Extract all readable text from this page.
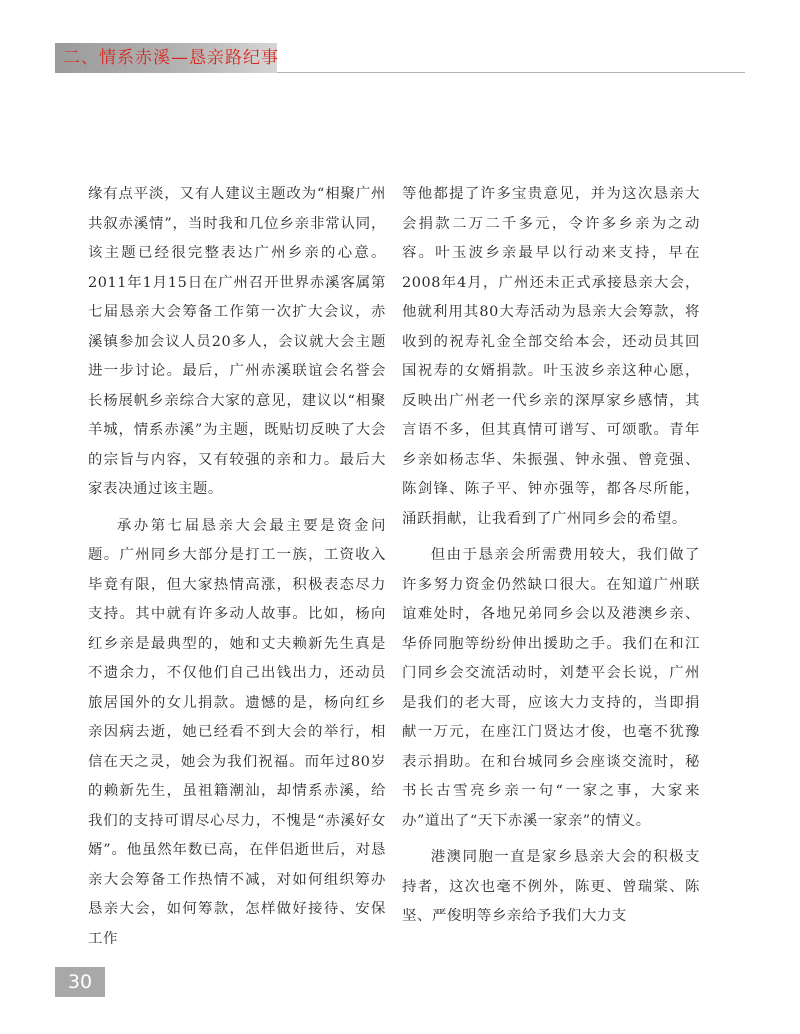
二、情系赤溪—恳亲路纪事

缘有点平淡，又有人建议主题改为“相聚广州共叙赤溪情”，当时我和几位乡亲非常认同，该主题已经很完整表达广州乡亲的心意。2011年1月15日在广州召开世界赤溪客属第七届恳亲大会筹备工作第一次扩大会议，赤溪镇参加会议人员20多人，会议就大会主题进一步讨论。最后，广州赤溪联谊会名誉会长杨展帆乡亲综合大家的意见，建议以“相聚羊城，情系赤溪”为主题，既贴切反映了大会的宗旨与内容，又有较强的亲和力。最后大家表决通过该主题。

承办第七届恳亲大会最主要是资金问题。广州同乡大部分是打工一族，工资收入毕竟有限，但大家热情高涨，积极表态尽力支持。其中就有许多动人故事。比如，杨向红乡亲是最典型的，她和丈夫赖新先生真是不遗余力，不仅他们自己出钱出力，还动员旅居国外的女儿捐款。遗憾的是，杨向红乡亲因病去逝，她已经看不到大会的举行，相信在天之灵，她会为我们祝福。而年过80岁的赖新先生，虽祖籍潮汕，却情系赤溪，给我们的支持可谓尽心尽力，不愧是“赤溪好女婿”。他虽然年数已高，在伴侣逝世后，对恳亲大会筹备工作热情不减，对如何组织筹办恳亲大会，如何筹款，怎样做好接待、安保工作

等他都提了许多宝贵意见，并为这次恳亲大会捐款二万二千多元，令许多乡亲为之动容。叶玉波乡亲最早以行动来支持，早在2008年4月，广州还未正式承接恳亲大会，他就利用其80大寿活动为恳亲大会筹款，将收到的祝寿礼金全部交给本会，还动员其回国祝寿的女婿捐款。叶玉波乡亲这种心愿，反映出广州老一代乡亲的深厚家乡感情，其言语不多，但其真情可谱写、可颂歌。青年乡亲如杨志华、朱振强、钟永强、曾竞强、陈剑锋、陈子平、钟亦强等，都各尽所能，涌跃捐献，让我看到了广州同乡会的希望。

但由于恳亲会所需费用较大，我们做了许多努力资金仍然缺口很大。在知道广州联谊难处时，各地兄弟同乡会以及港澳乡亲、华侨同胞等纷纷伸出援助之手。我们在和江门同乡会交流活动时，刘楚平会长说，广州是我们的老大哥，应该大力支持的，当即捐献一万元，在座江门贤达才俊，也毫不犹豫表示捐助。在和台城同乡会座谈交流时，秘书长古雪亮乡亲一句“一家之事，大家来办”道出了“天下赤溪一家亲”的情义。

港澳同胞一直是家乡恳亲大会的积极支持者，这次也毫不例外，陈更、曾瑞棠、陈坚、严俊明等乡亲给予我们大力支

30
